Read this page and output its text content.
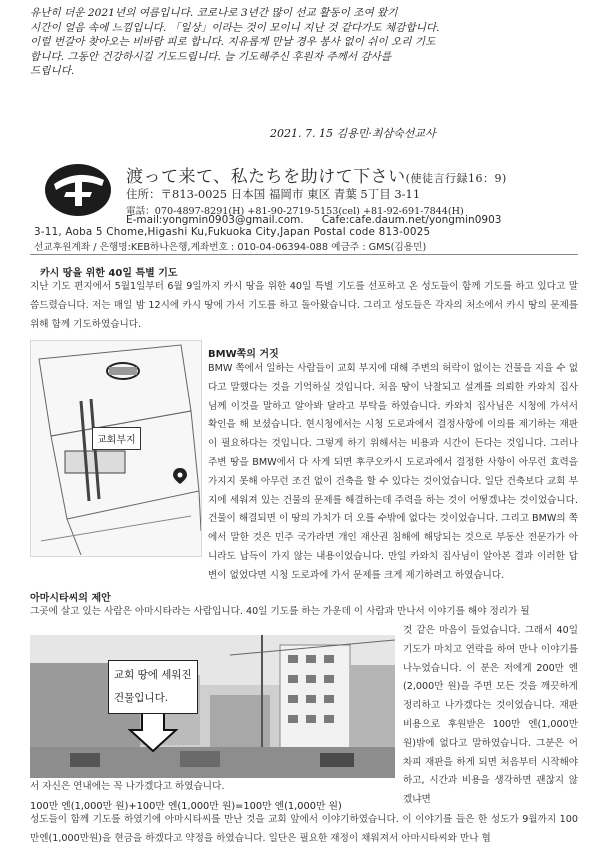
유난히 더운 2021년의 여름입니다. 코로나로 3년간 많이 선교 활동이 조여 왔기
시간이 얼음 속에 느낌입니다. 「일상」이라는 것이 모이니 지난 것 같다가도 체감합니다.
이럴 번갈아 찾아오는 비바람 피로 합니다. 지유롭게 만날 경우 봉사 없이 쉬이 오리 기도
합니다. 그동안 건강하시길 기도드립니다. 늘 기도해주신 후원자 주께서 감사를
드립니다.
2021. 7. 15 김용민·최삼숙선교사
渡って来て、私たちを助けて下さい(使徒言行録16：9)
住所：〒813-0025 日本国 福岡市 東区 青葉 5丁目 3-11
電話：070-4897-8291(H) +81-90-2719-5153(cel) +81-92-691-7844(H)
E-mail:yongmin0903@gmail.com. Cafe:cafe.daum.net/yongmin0903
3-11, Aoba 5 Chome,Higashi Ku,Fukuoka City,Japan Postal code 813-0025
선교후원계좌 / 은행명:KEB하나은행,계좌번호 : 010-04-06394-088 예금주 : GMS(김용민)
카시 땅을 위한 40일 특별 기도
지난 기도 편지에서 5월1일부터 6월 9일까지 카시 땅을 위한 40일 특별 기도를 선포하고 온 성도들이 함께 기도를 하고 있다고 말씀드렸습니다. 저는 매일 밤 12시에 카시 땅에 가서 기도를 하고 돌아왔습니다. 그리고 성도들은 각자의 처소에서 카시 땅의 문제를 위해 함께 기도하였습니다.
교회부지
BMW쪽의 거짓
BMW 쪽에서 일하는 사람들이 교회 부지에 대해 주변의 허락이 없이는 건물을 지을 수 없다고 말했다는 것을 기억하실 것입니다. 처음 땅이 낙찰되고 설계를 의뢰한 카와치 집사님께 이것을 말하고 알아봐 달라고 부탁을 하였습니다. 카와치 집사님은 시청에 가셔서 확인을 해 보셨습니다. 현시청에서는 시청 도로과에서 결정사항에 이의를 제기하는 재판이 필요하다는 것입니다. 그렇게 하기 위해서는 비용과 시간이 든다는 것입니다. 그러나 주변 땅을 BMW에서 다 사게 되면 후쿠오카시 도로과에서 결정한 사항이 아무런 효력을 가지지 못해 아무런 조건 없이 건축을 할 수 있다는 것이었습니다. 일단 건축보다 교회 부지에 세워져 있는 건물의 문제를 해결하는데 주력을 하는 것이 어떻겠냐는 것이었습니다. 건물이 해결되면 이 땅의 가치가 더 오를 수밖에 없다는 것이었습니다. 그리고 BMW의 쪽에서 말한 것은 민주 국가라면 개인 재산권 침해에 해당되는 것으로 부동산 전문가가 아니라도 납득이 가지 않는 내용이었습니다. 만일 카와치 집사님이 알아본 결과 이러한 답변이 없었다면 시청 도로과에 가서 문제를 크게 제기하려고 하였습니다.
아마시타씨의 제안
그곳에 살고 있는 사람은 아마시타라는 사람입니다. 40일 기도를 하는 가운데 이 사람과 만나서 이야기를 해야 정리가 될
교회 땅에 세워진 건물입니다.
것 같은 마음이 들었습니다. 그래서 40일 기도가 마치고 연락을 하여 만나 이야기를 나누었습니다. 이 분은 저에게 200만 엔(2,000만 원)을 주면 모든 것을 깨끗하게 정리하고 나가겠다는 것이었습니다. 재판비용으로 후원받은 100만 엔(1,000만 원)밖에 없다고 말하였습니다. 그분은 어차피 재판을 하게 되면 처음부터 시작해야 하고, 시간과 비용을 생각하면 괜찮지 않겠냐면
서 자신은 연내에는 꼭 나가겠다고 하였습니다.
100만 엔(1,000만 원)+100만 엔(1,000만 원)=100만 엔(1,000만 원)
성도들이 함께 기도를 하였기에 아마시타씨를 만난 것을 교회 앞에서 이야기하였습니다. 이 이야기를 들은 한 성도가 9월까지 100만엔(1,000만원)을 현금을 하겠다고 약정을 하였습니다. 일단은 필요한 재정이 채워져서 아마시타씨와 만나 협
